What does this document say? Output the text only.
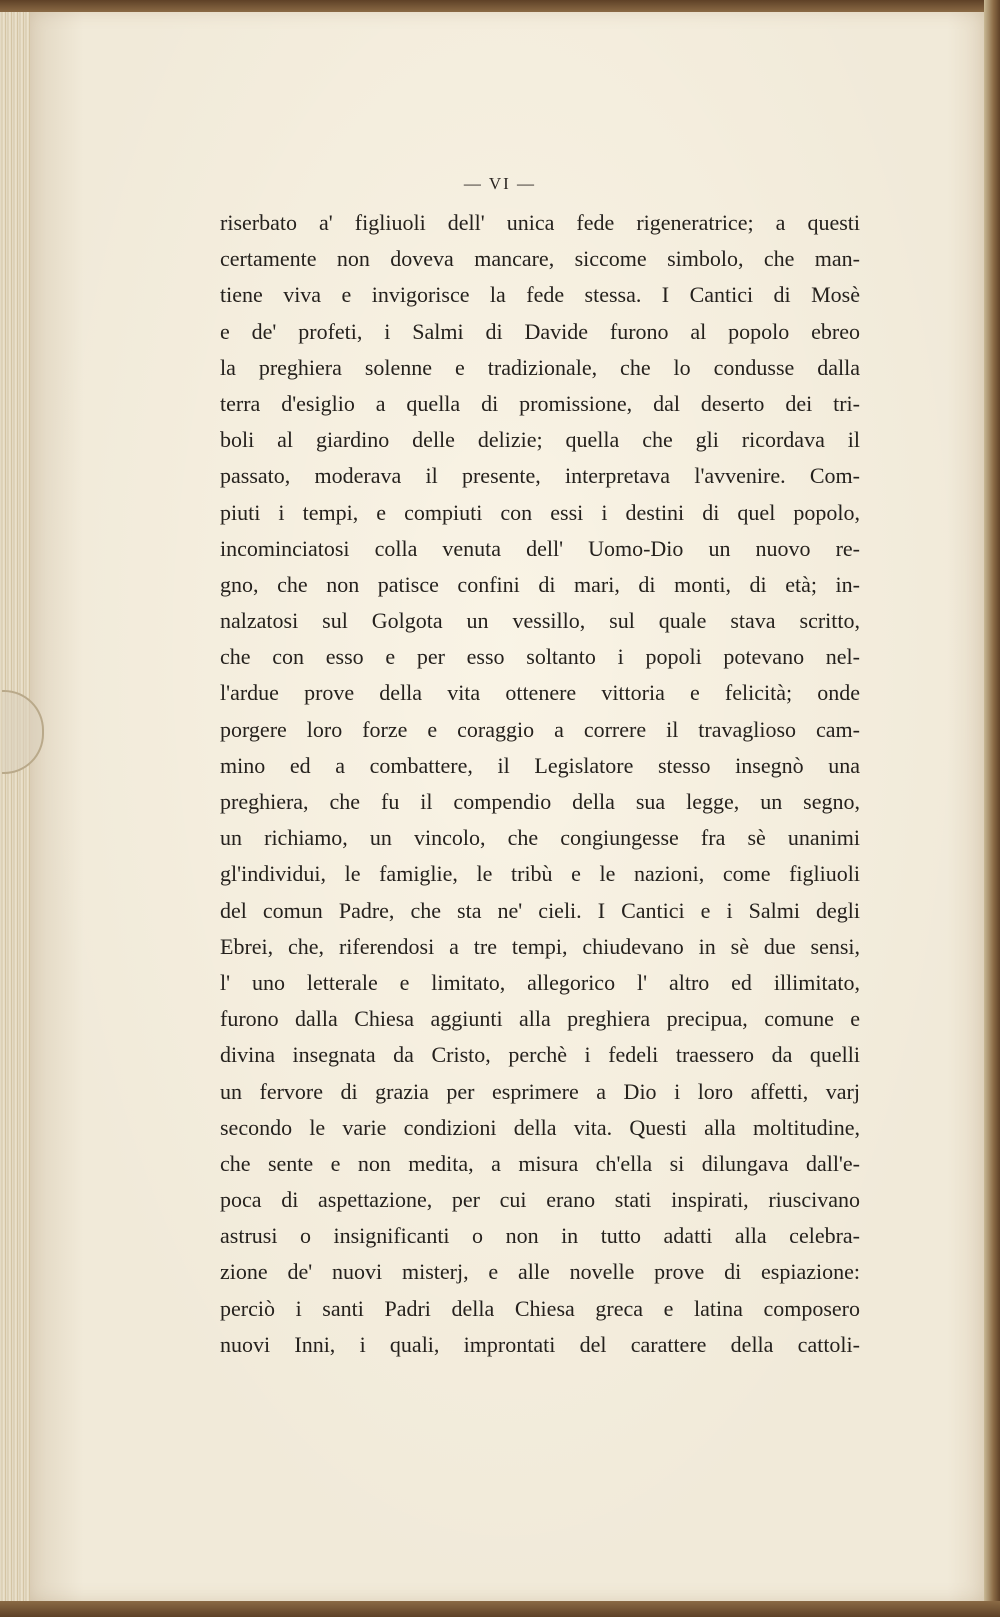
— VI —
riserbato a' figliuoli dell' unica fede rigeneratrice; a questi
certamente non doveva mancare, siccome simbolo, che man-
tiene viva e invigorisce la fede stessa. I Cantici di Mosè
e de' profeti, i Salmi di Davide furono al popolo ebreo
la preghiera solenne e tradizionale, che lo condusse dalla
terra d'esiglio a quella di promissione, dal deserto dei tri-
boli al giardino delle delizie; quella che gli ricordava il
passato, moderava il presente, interpretava l'avvenire. Com-
piuti i tempi, e compiuti con essi i destini di quel popolo,
incominciatosi colla venuta dell' Uomo-Dio un nuovo re-
gno, che non patisce confini di mari, di monti, di età; in-
nalzatosi sul Golgota un vessillo, sul quale stava scritto,
che con esso e per esso soltanto i popoli potevano nel-
l'ardue prove della vita ottenere vittoria e felicità; onde
porgere loro forze e coraggio a correre il travaglioso cam-
mino ed a combattere, il Legislatore stesso insegnò una
preghiera, che fu il compendio della sua legge, un segno,
un richiamo, un vincolo, che congiungesse fra sè unanimi
gl'individui, le famiglie, le tribù e le nazioni, come figliuoli
del comun Padre, che sta ne' cieli. I Cantici e i Salmi degli
Ebrei, che, riferendosi a tre tempi, chiudevano in sè due sensi,
l' uno letterale e limitato, allegorico l' altro ed illimitato,
furono dalla Chiesa aggiunti alla preghiera precipua, comune e
divina insegnata da Cristo, perchè i fedeli traessero da quelli
un fervore di grazia per esprimere a Dio i loro affetti, varj
secondo le varie condizioni della vita. Questi alla moltitudine,
che sente e non medita, a misura ch'ella si dilungava dall'e-
poca di aspettazione, per cui erano stati inspirati, riuscivano
astrusi o insignificanti o non in tutto adatti alla celebra-
zione de' nuovi misterj, e alle novelle prove di espiazione:
perciò i santi Padri della Chiesa greca e latina composero
nuovi Inni, i quali, improntati del carattere della cattoli-
